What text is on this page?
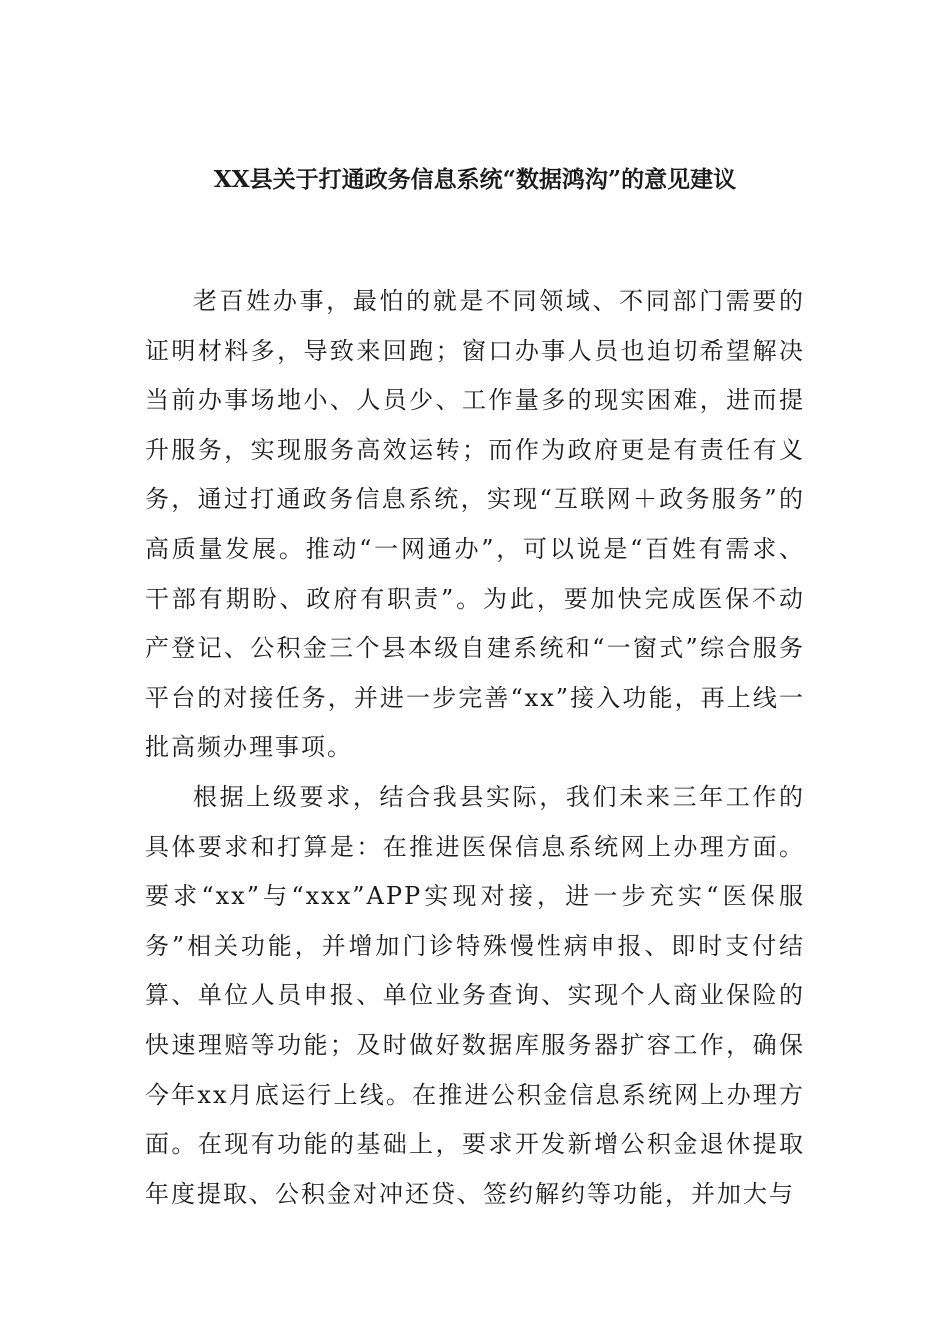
XX县关于打通政务信息系统“数据鸿沟”的意见建议

老百姓办事，最怕的就是不同领域、不同部门需要的证明材料多，导致来回跑；窗口办事人员也迫切希望解决当前办事场地小、人员少、工作量多的现实困难，进而提升服务，实现服务高效运转；而作为政府更是有责任有义务，通过打通政务信息系统，实现“互联网＋政务服务”的高质量发展。推动“一网通办”，可以说是“百姓有需求、干部有期盼、政府有职责”。为此，要加快完成医保不动产登记、公积金三个县本级自建系统和“一窗式”综合服务平台的对接任务，并进一步完善“xx”接入功能，再上线一批高频办理事项。

根据上级要求，结合我县实际，我们未来三年工作的具体要求和打算是：在推进医保信息系统网上办理方面。要求“xx”与“xxx”APP实现对接，进一步充实“医保服务”相关功能，并增加门诊特殊慢性病申报、即时支付结算、单位人员申报、单位业务查询、实现个人商业保险的快速理赔等功能；及时做好数据库服务器扩容工作，确保今年xx月底运行上线。在推进公积金信息系统网上办理方面。在现有功能的基础上，要求开发新增公积金退休提取年度提取、公积金对冲还贷、签约解约等功能，并加大与
